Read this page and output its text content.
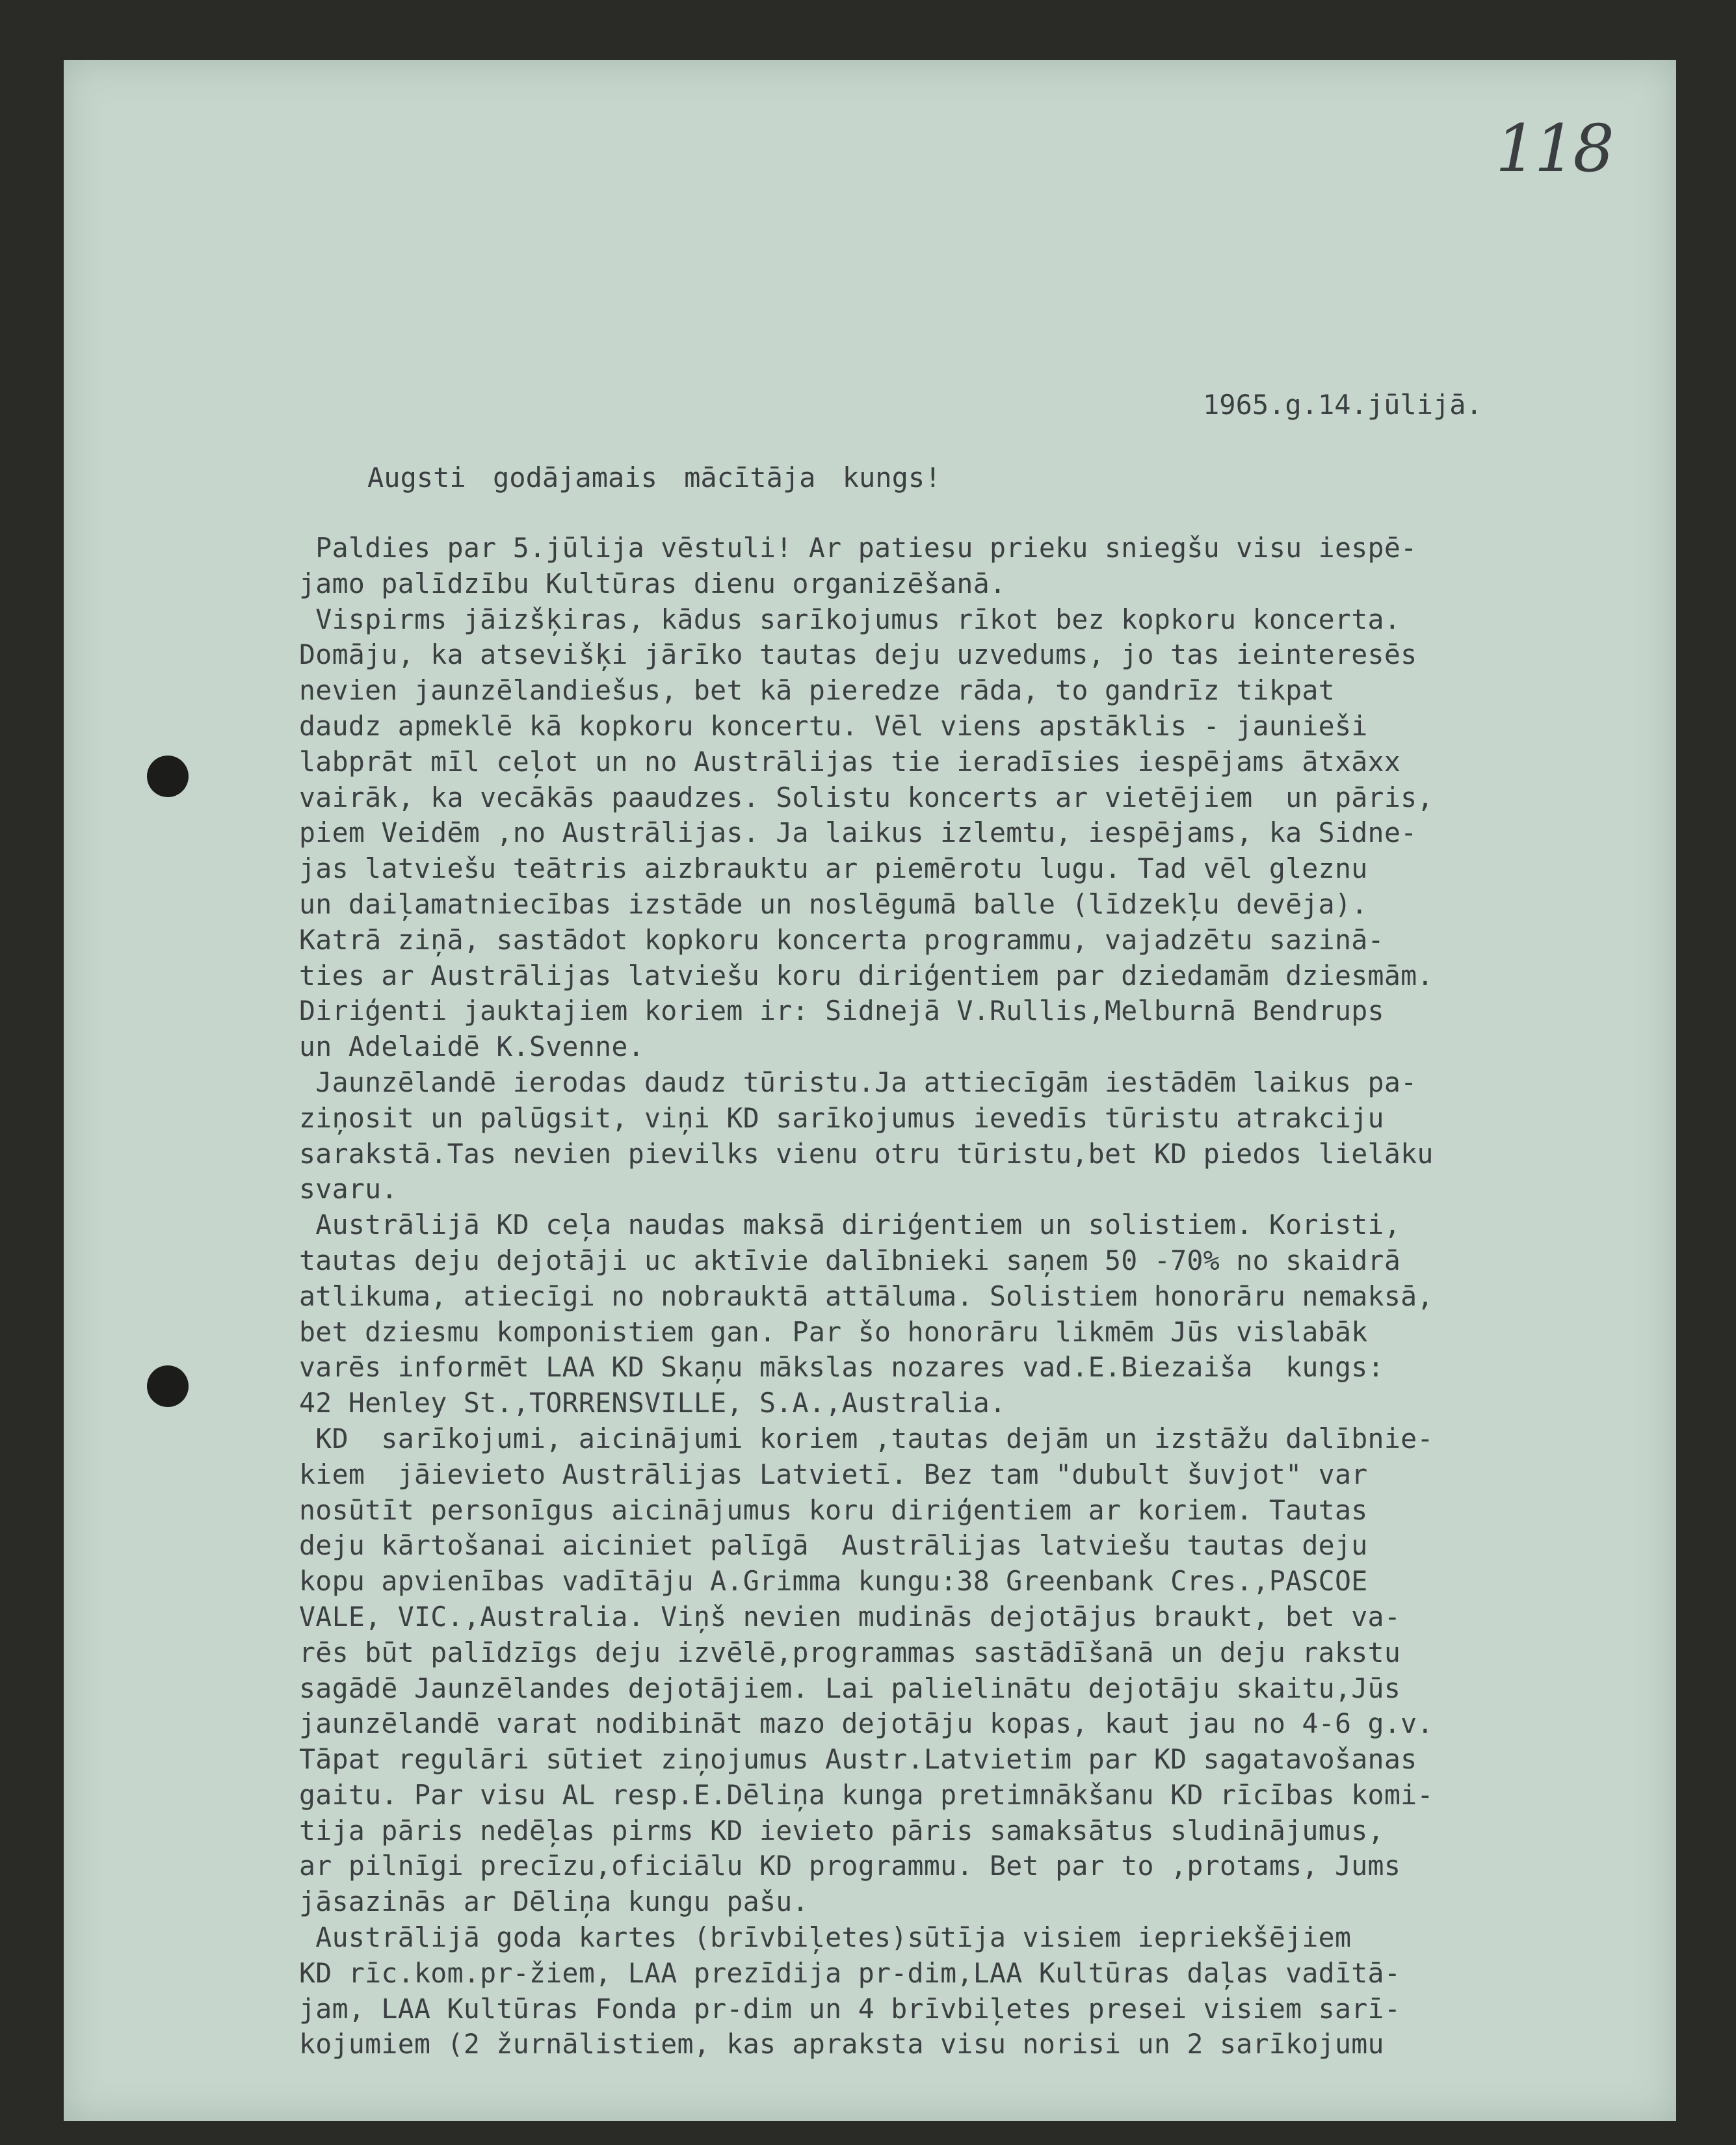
118
1965.g.14.jūlijā.
Augsti godājamais mācītāja kungs!
Paldies par 5.jūlija vēstuli! Ar patiesu prieku sniegšu visu iespē-
jamo palīdzību Kultūras dienu organizēšanā.
Vispirms jāizšķiras, kādus sarīkojumus rīkot bez kopkoru koncerta.
Domāju, ka atsevišķi jārīko tautas deju uzvedums, jo tas ieinteresēs
nevien jaunzēlandiešus, bet kā pieredze rāda, to gandrīz tikpat
daudz apmeklē kā kopkoru koncertu. Vēl viens apstāklis - jaunieši
labprāt mīl ceļot un no Austrālijas tie ieradīsies iespējams ātxāxx
vairāk, ka vecākās paaudzes. Solistu koncerts ar vietējiem  un pāris,
piem Veidēm ,no Austrālijas. Ja laikus izlemtu, iespējams, ka Sidne-
jas latviešu teātris aizbrauktu ar piemērotu lugu. Tad vēl gleznu
un daiļamatniecības izstāde un noslēgumā balle (līdzekļu devēja).
Katrā ziņā, sastādot kopkoru koncerta programmu, vajadzētu sazinā-
ties ar Austrālijas latviešu koru diriģentiem par dziedamām dziesmām.
Diriģenti jauktajiem koriem ir: Sidnejā V.Rullis,Melburnā Bendrups
un Adelaidē K.Svenne.
Jaunzēlandē ierodas daudz tūristu.Ja attiecīgām iestādēm laikus pa-
ziņosit un palūgsit, viņi KD sarīkojumus ievedīs tūristu atrakciju
sarakstā.Tas nevien pievilks vienu otru tūristu,bet KD piedos lielāku
svaru.
Austrālijā KD ceļa naudas maksā diriģentiem un solistiem. Koristi,
tautas deju dejotāji uc aktīvie dalībnieki saņem 50 -70% no skaidrā
atlikuma, atiecīgi no nobrauktā attāluma. Solistiem honorāru nemaksā,
bet dziesmu komponistiem gan. Par šo honorāru likmēm Jūs vislabāk
varēs informēt LAA KD Skaņu mākslas nozares vad.E.Biezaiša  kungs:
42 Henley St.,TORRENSVILLE, S.A.,Australia.
KD  sarīkojumi, aicinājumi koriem ,tautas dejām un izstāžu dalībnie-
kiem  jāievieto Austrālijas Latvietī. Bez tam "dubult šuvjot" var
nosūtīt personīgus aicinājumus koru diriģentiem ar koriem. Tautas
deju kārtošanai aiciniet palīgā  Austrālijas latviešu tautas deju
kopu apvienības vadītāju A.Grimma kungu:38 Greenbank Cres.,PASCOE
VALE, VIC.,Australia. Viņš nevien mudinās dejotājus braukt, bet va-
rēs būt palīdzīgs deju izvēlē,programmas sastādīšanā un deju rakstu
sagādē Jaunzēlandes dejotājiem. Lai palielinātu dejotāju skaitu,Jūs
jaunzēlandē varat nodibināt mazo dejotāju kopas, kaut jau no 4-6 g.v.
Tāpat regulāri sūtiet ziņojumus Austr.Latvietim par KD sagatavošanas
gaitu. Par visu AL resp.E.Dēliņa kunga pretimnākšanu KD rīcības komi-
tija pāris nedēļas pirms KD ievieto pāris samaksātus sludinājumus,
ar pilnīgi precīzu,oficiālu KD programmu. Bet par to ,protams, Jums
jāsazinās ar Dēliņa kungu pašu.
Austrālijā goda kartes (brīvbiļetes)sūtīja visiem iepriekšējiem
KD rīc.kom.pr-žiem, LAA prezīdija pr-dim,LAA Kultūras daļas vadītā-
jam, LAA Kultūras Fonda pr-dim un 4 brīvbiļetes presei visiem sarī-
kojumiem (2 žurnālistiem, kas apraksta visu norisi un 2 sarīkojumu
